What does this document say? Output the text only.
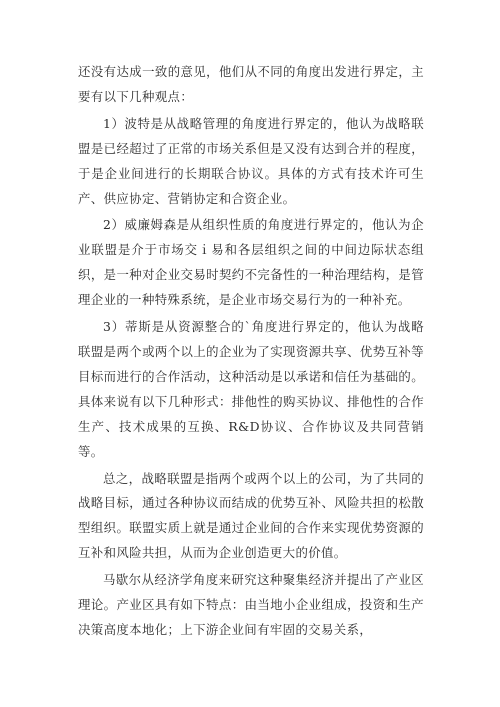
还没有达成一致的意见，他们从不同的角度出发进行界定，主要有以下几种观点：

1）波特是从战略管理的角度进行界定的，他认为战略联盟是已经超过了正常的市场关系但是又没有达到合并的程度，于是企业间进行的长期联合协议。具体的方式有技术许可生产、供应协定、营销协定和合资企业。

2）威廉姆森是从组织性质的角度进行界定的，他认为企业联盟是介于市场交ｉ易和各层组织之间的中间边际状态组织，是一种对企业交易时契约不完备性的一种治理结构，是管理企业的一种特殊系统，是企业市场交易行为的一种补充。

3）蒂斯是从资源整合的`角度进行界定的，他认为战略联盟是两个或两个以上的企业为了实现资源共享、优势互补等目标而进行的合作活动，这种活动是以承诺和信任为基础的。具体来说有以下几种形式：排他性的购买协议、排他性的合作生产、技术成果的互换、R&D协议、合作协议及共同营销等。

总之，战略联盟是指两个或两个以上的公司，为了共同的战略目标，通过各种协议而结成的优势互补、风险共担的松散型组织。联盟实质上就是通过企业间的合作来实现优势资源的互补和风险共担，从而为企业创造更大的价值。

马歇尔从经济学角度来研究这种聚集经济并提出了产业区理论。产业区具有如下特点：由当地小企业组成，投资和生产决策高度本地化；上下游企业间有牢固的交易关系，
